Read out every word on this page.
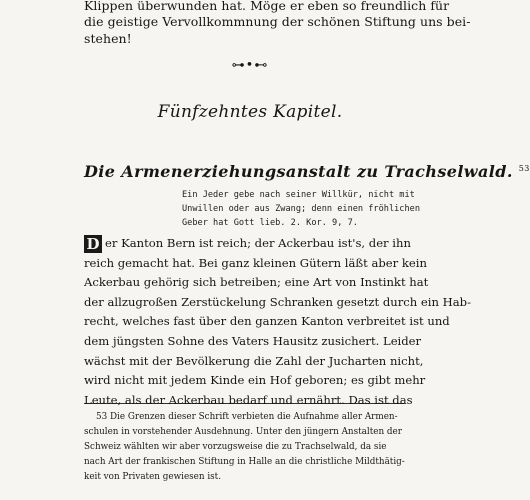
Klippen überwunden hat. Möge er eben so freundlich für
die geistige Vervollkommnung der schönen Stiftung uns bei-
stehen!
⊶•⊷
Fünfzehntes Kapitel.
Die Armenerziehungsanstalt zu Trachselwald. $^{53}$
Ein Jeder gebe nach seiner Willkür, nicht mit
Unwillen oder aus Zwang; denn einen fröhlichen
Geber hat Gott lieb. 2. Kor. 9, 7.
D er Kanton Bern ist reich; der Ackerbau ist's, der ihn
reich gemacht hat. Bei ganz kleinen Gütern läßt aber kein
Ackerbau gehörig sich betreiben; eine Art von Instinkt hat
der allzugroßen Zerstückelung Schranken gesetzt durch ein Hab-
recht, welches fast über den ganzen Kanton verbreitet ist und
dem jüngsten Sohne des Vaters Hausitz zusichert. Leider
wächst mit der Bevölkerung die Zahl der Jucharten nicht,
wird nicht mit jedem Kinde ein Hof geboren; es gibt mehr
53 Die Grenzen dieser Schrift verbieten die Aufnahme aller Armen-
schulen in vorstehender Ausdehnung. Unter den jüngern Anstalten der
Schweiz wählten wir aber vorzugsweise die zu Trachselwald, da sie
nach Art der frankischen Stiftung in Halle an die christliche Mildthätig-
keit von Privaten gewiesen ist.
Leute, als der Ackerbau bedarf und ernährt. Das ist das
